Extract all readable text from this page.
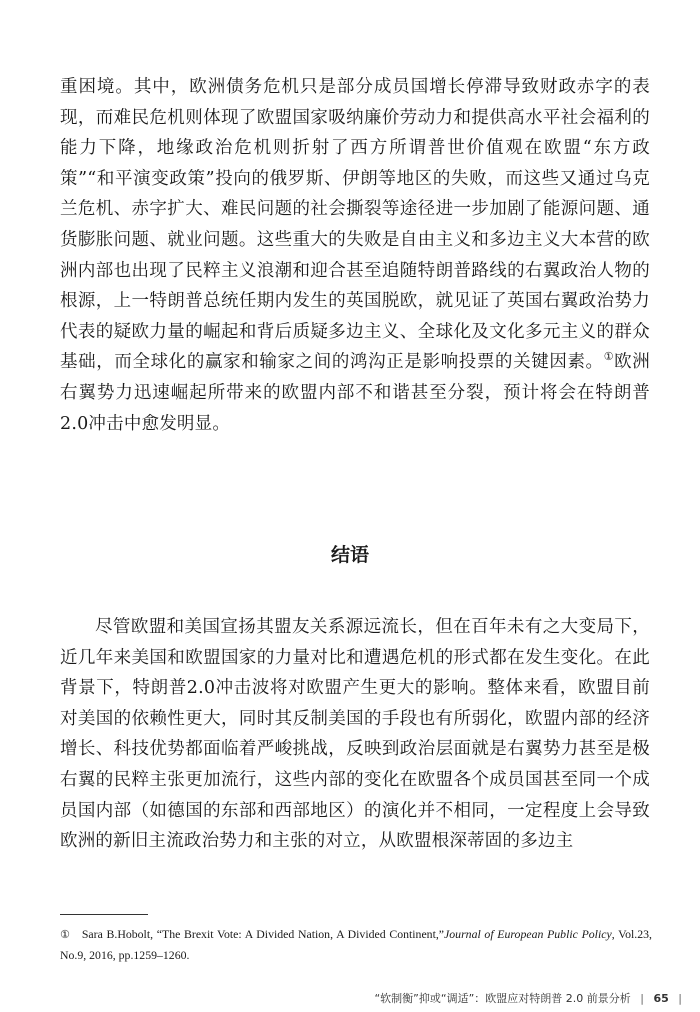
重困境。其中，欧洲债务危机只是部分成员国增长停滞导致财政赤字的表现，而难民危机则体现了欧盟国家吸纳廉价劳动力和提供高水平社会福利的能力下降，地缘政治危机则折射了西方所谓普世价值观在欧盟“东方政策”“和平演变政策”投向的俄罗斯、伊朗等地区的失败，而这些又通过乌克兰危机、赤字扩大、难民问题的社会撕裂等途径进一步加剧了能源问题、通货膨胀问题、就业问题。这些重大的失败是自由主义和多边主义大本营的欧洲内部也出现了民粹主义浪潮和迎合甚至追随特朗普路线的右翼政治人物的根源，上一特朗普总统任期内发生的英国脱欧，就见证了英国右翼政治势力代表的疑欧力量的崛起和背后质疑多边主义、全球化及文化多元主义的群众基础，而全球化的赢家和输家之间的鸿沟正是影响投票的关键因素。①欧洲右翼势力迅速崛起所带来的欧盟内部不和谐甚至分裂，预计将会在特朗普2.0冲击中愈发明显。

结语

尽管欧盟和美国宣扬其盟友关系源远流长，但在百年未有之大变局下，近几年来美国和欧盟国家的力量对比和遭遇危机的形式都在发生变化。在此背景下，特朗普2.0冲击波将对欧盟产生更大的影响。整体来看，欧盟目前对美国的依赖性更大，同时其反制美国的手段也有所弱化，欧盟内部的经济增长、科技优势都面临着严峻挑战，反映到政治层面就是右翼势力甚至是极右翼的民粹主张更加流行，这些内部的变化在欧盟各个成员国甚至同一个成员国内部（如德国的东部和西部地区）的演化并不相同，一定程度上会导致欧洲的新旧主流政治势力和主张的对立，从欧盟根深蒂固的多边主

① Sara B.Hobolt, “The Brexit Vote: A Divided Nation, A Divided Continent,”Journal of European Public Policy, Vol.23, No.9, 2016, pp.1259–1260.

“软制衡”抑或“调适”：欧盟应对特朗普 2.0 前景分析 | 65 |
